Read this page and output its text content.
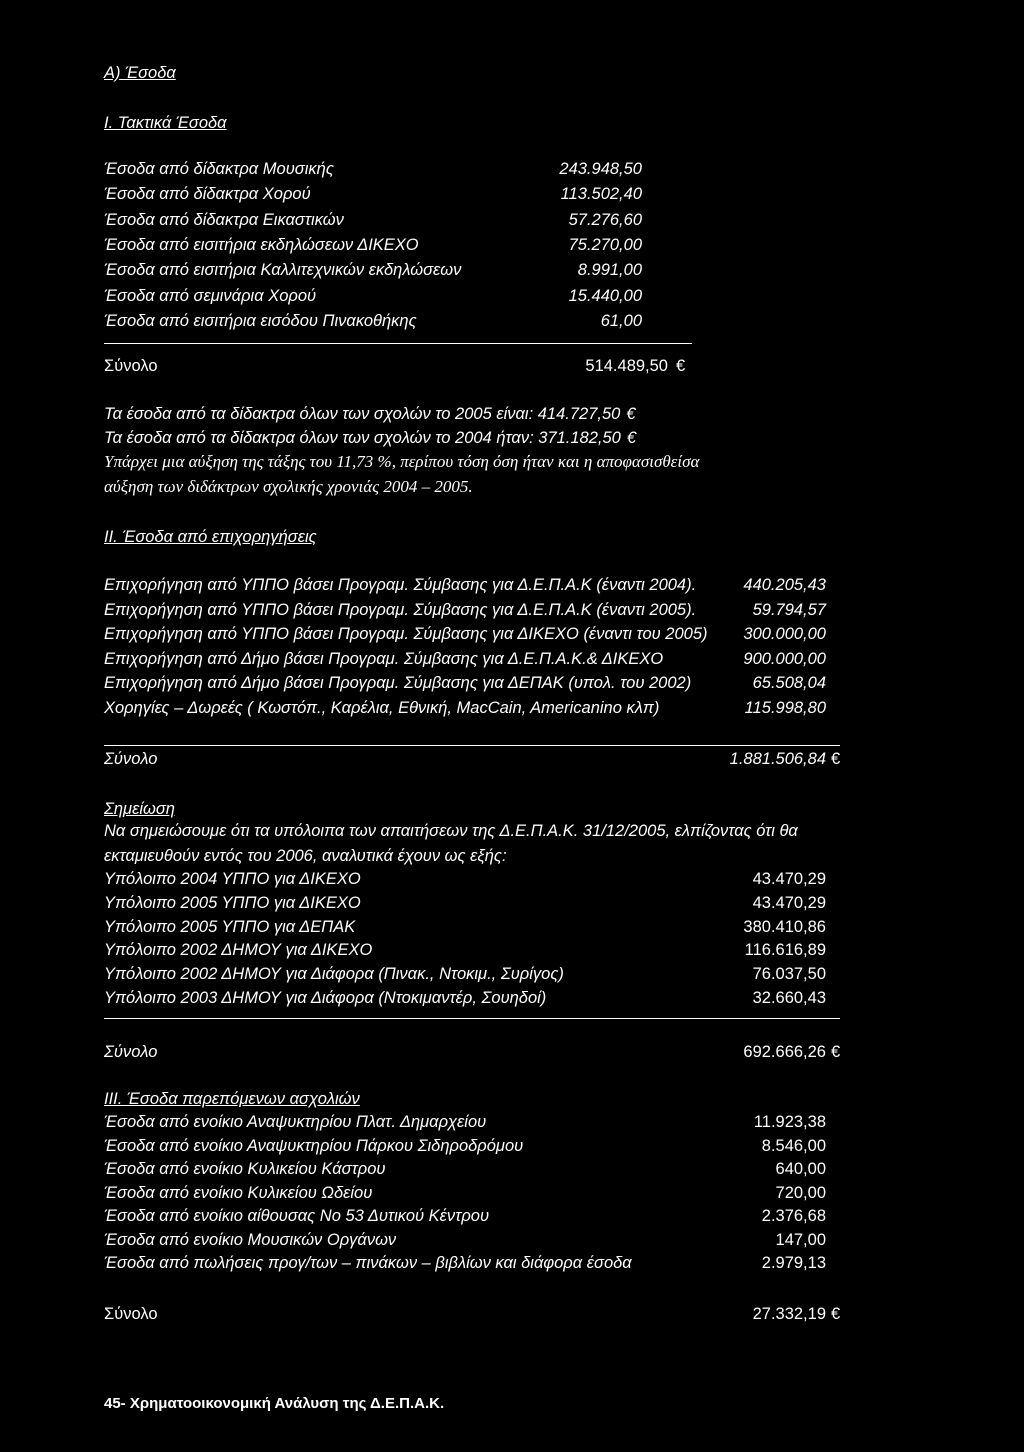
Α) Έσοδα
Ι. Τακτικά Έσοδα
Έσοδα από δίδακτρα Μουσικής	243.948,50
Έσοδα από δίδακτρα Χορού	113.502,40
Έσοδα από δίδακτρα Εικαστικών	57.276,60
Έσοδα από εισιτήρια εκδηλώσεων ΔΙΚΕΧΟ	75.270,00
Έσοδα από εισιτήρια Καλλιτεχνικών εκδηλώσεων	8.991,00
Έσοδα από σεμινάρια Χορού	15.440,00
Έσοδα από εισιτήρια εισόδου Πινακοθήκης	61,00
Σύνολο	514.489,50 €
Τα έσοδα από τα δίδακτρα όλων των σχολών το 2005 είναι: 414.727,50 €
Τα έσοδα από τα δίδακτρα όλων των σχολών το 2004 ήταν: 371.182,50 €
Υπάρχει μια αύξηση της τάξης του 11,73 %, περίπου τόση όση ήταν και η αποφασισθείσα
αύξηση των διδάκτρων σχολικής χρονιάς 2004 – 2005.
ΙΙ. Έσοδα από επιχορηγήσεις
Επιχορήγηση από ΥΠΠΟ βάσει Προγραμ. Σύμβασης για Δ.Ε.Π.Α.Κ (έναντι 2004).	440.205,43
Επιχορήγηση από ΥΠΠΟ βάσει Προγραμ. Σύμβασης για Δ.Ε.Π.Α.Κ (έναντι 2005).	59.794,57
Επιχορήγηση από ΥΠΠΟ βάσει Προγραμ. Σύμβασης για ΔΙΚΕΧΟ (έναντι του 2005) 300.000,00
Επιχορήγηση από Δήμο βάσει Προγραμ. Σύμβασης για Δ.Ε.Π.Α.Κ.& ΔΙΚΕΧΟ	900.000,00
Επιχορήγηση από Δήμο βάσει Προγραμ. Σύμβασης για ΔΕΠΑΚ (υπολ. του 2002)	65.508,04
Χορηγίες – Δωρεές ( Κωστόπ., Καρέλια, Εθνική, MacCain, Americanino κλπ)	115.998,80
Σύνολο	1.881.506,84 €
Σημείωση
Να σημειώσουμε ότι τα υπόλοιπα των απαιτήσεων της Δ.Ε.Π.Α.Κ. 31/12/2005, ελπίζοντας ότι θα
εκταμιευθούν εντός του 2006, αναλυτικά έχουν ως εξής:
Υπόλοιπο 2004 ΥΠΠΟ για ΔΙΚΕΧΟ	43.470,29
Υπόλοιπο 2005 ΥΠΠΟ για ΔΙΚΕΧΟ	43.470,29
Υπόλοιπο 2005 ΥΠΠΟ για ΔΕΠΑΚ	380.410,86
Υπόλοιπο 2002 ΔΗΜΟΥ για ΔΙΚΕΧΟ	116.616,89
Υπόλοιπο 2002 ΔΗΜΟΥ για Διάφορα (Πινακ., Ντοκιμ., Συρίγος)	76.037,50
Υπόλοιπο 2003 ΔΗΜΟΥ για Διάφορα (Ντοκιμαντέρ, Σουηδοί)	32.660,43
Σύνολο	692.666,26 €
ΙΙΙ. Έσοδα παρεπόμενων ασχολιών
Έσοδα από ενοίκιο Αναψυκτηρίου Πλατ. Δημαρχείου	11.923,38
Έσοδα από ενοίκιο Αναψυκτηρίου Πάρκου Σιδηροδρόμου	8.546,00
Έσοδα από ενοίκιο Κυλικείου Κάστρου	640,00
Έσοδα από ενοίκιο Κυλικείου Ωδείου	720,00
Έσοδα από ενοίκιο αίθουσας Νο 53 Δυτικού Κέντρου	2.376,68
Έσοδα από ενοίκιο Μουσικών Οργάνων	147,00
Έσοδα από πωλήσεις προγ/των – πινάκων – βιβλίων και διάφορα έσοδα	2.979,13
Σύνολο	27.332,19 €
45- Χρηματοοικονομική Ανάλυση της Δ.Ε.Π.Α.Κ.
